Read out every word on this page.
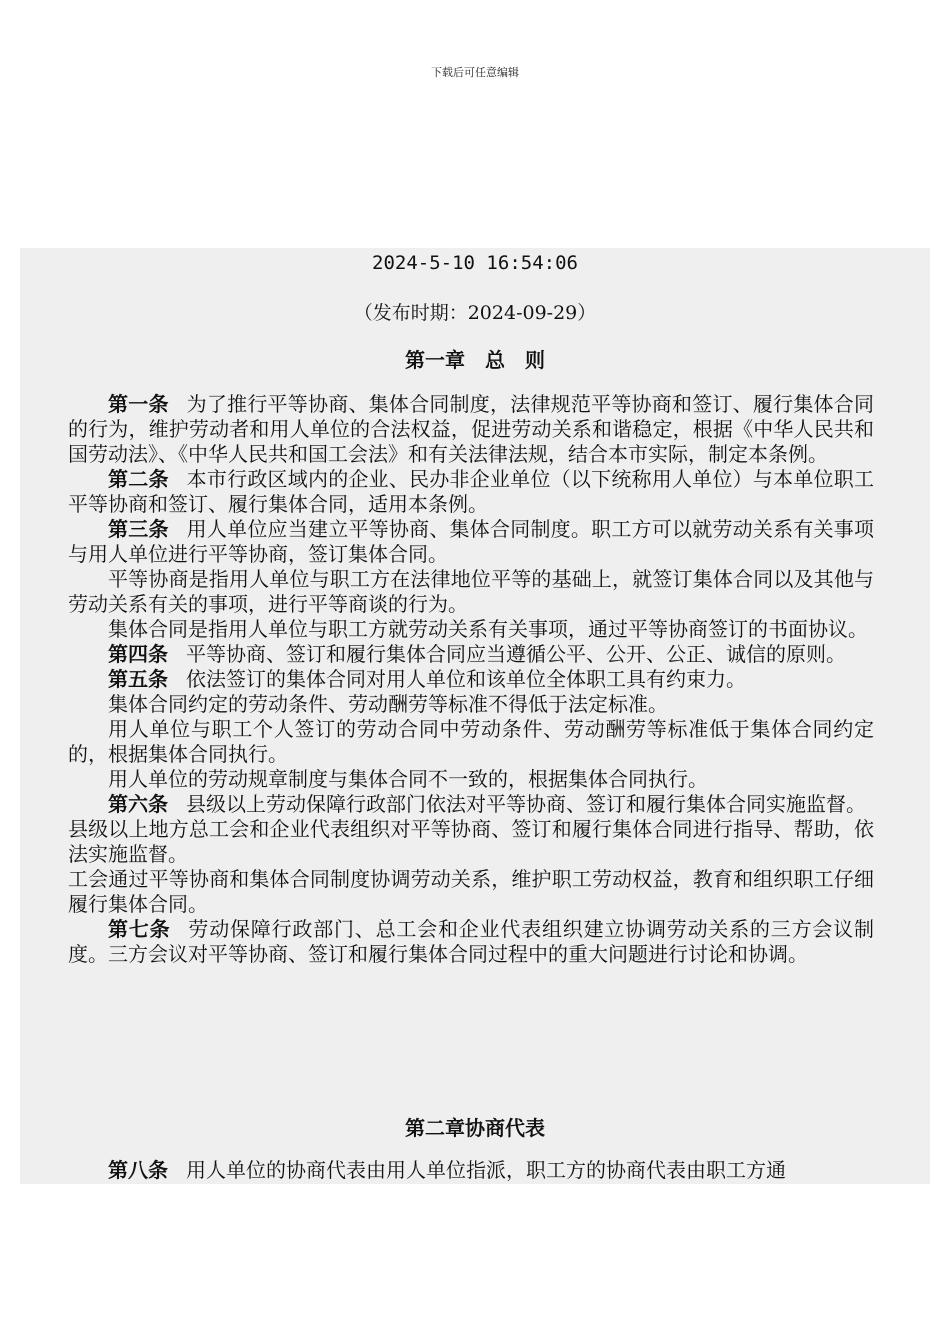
下载后可任意编辑
2024-5-10 16:54:06
（发布时期：2024-09-29）
第一章　总　则

第一条 为了推行平等协商、集体合同制度，法律规范平等协商和签订、履行集体合同的行为，维护劳动者和用人单位的合法权益，促进劳动关系和谐稳定，根据《中华人民共和国劳动法》、《中华人民共和国工会法》和有关法律法规，结合本市实际，制定本条例。

第二条 本市行政区域内的企业、民办非企业单位（以下统称用人单位）与本单位职工平等协商和签订、履行集体合同，适用本条例。

第三条 用人单位应当建立平等协商、集体合同制度。职工方可以就劳动关系有关事项与用人单位进行平等协商，签订集体合同。

平等协商是指用人单位与职工方在法律地位平等的基础上，就签订集体合同以及其他与劳动关系有关的事项，进行平等商谈的行为。

集体合同是指用人单位与职工方就劳动关系有关事项，通过平等协商签订的书面协议。

第四条 平等协商、签订和履行集体合同应当遵循公平、公开、公正、诚信的原则。

第五条 依法签订的集体合同对用人单位和该单位全体职工具有约束力。

集体合同约定的劳动条件、劳动酬劳等标准不得低于法定标准。

用人单位与职工个人签订的劳动合同中劳动条件、劳动酬劳等标准低于集体合同约定的，根据集体合同执行。

用人单位的劳动规章制度与集体合同不一致的，根据集体合同执行。

第六条 县级以上劳动保障行政部门依法对平等协商、签订和履行集体合同实施监督。

县级以上地方总工会和企业代表组织对平等协商、签订和履行集体合同进行指导、帮助，依法实施监督。

工会通过平等协商和集体合同制度协调劳动关系，维护职工劳动权益，教育和组织职工仔细履行集体合同。

第七条 劳动保障行政部门、总工会和企业代表组织建立协调劳动关系的三方会议制度。三方会议对平等协商、签订和履行集体合同过程中的重大问题进行讨论和协调。

第二章协商代表

第八条 用人单位的协商代表由用人单位指派，职工方的协商代表由职工方通
